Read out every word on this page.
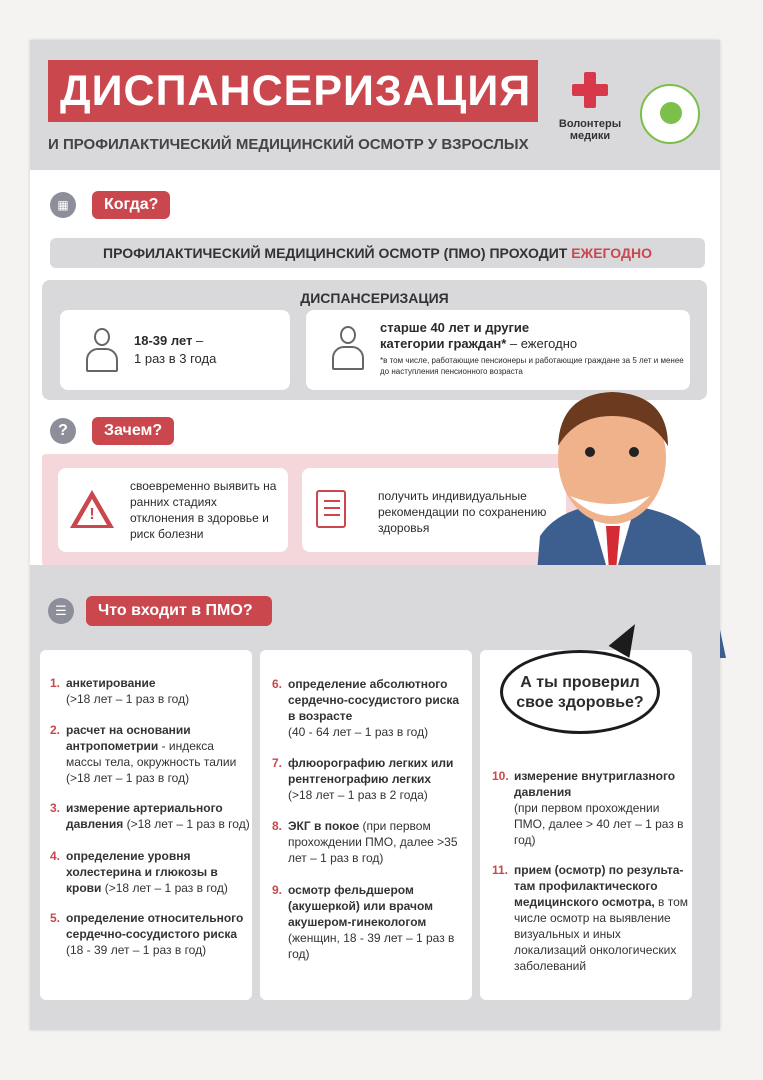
ДИСПАНСЕРИЗАЦИЯ
И ПРОФИЛАКТИЧЕСКИЙ МЕДИЦИНСКИЙ ОСМОТР У ВЗРОСЛЫХ
Волонтеры медики
▦	Когда?
ПРОФИЛАКТИЧЕСКИЙ МЕДИЦИНСКИЙ ОСМОТР (ПМО) ПРОХОДИТ ЕЖЕГОДНО
ДИСПАНСЕРИЗАЦИЯ
18-39 лет –
1 раз в 3 года
старше 40 лет и другие
категории граждан* – ежегодно
*в том числе, работающие пенсионеры и работающие граждане за 5 лет и менее до наступления пенсионного возраста
?	Зачем?
!
своевременно выявить на ранних стадиях отклонения в здоровье и риск болезни
получить индивидуальные рекомендации по сохранению здоровья
☰	Что входит в ПМО?
А ты проверил свое здоровье?
1. анкетирование
(>18 лет – 1 раз в год)
2. расчет на основании антропометрии - индекса массы тела, окружность талии (>18 лет – 1 раз в год)
3. измерение артериального давления (>18 лет – 1 раз в год)
4. определение уровня холестерина и глюкозы в крови (>18 лет – 1 раз в год)
5. определение относительного сердечно-сосудистого риска
(18 - 39 лет – 1 раз в год)
6. определение абсолютного сердечно-сосудистого риска в возрасте
(40 - 64 лет – 1 раз в год)
7. флюорографию легких или рентгенографию легких
(>18 лет – 1 раз в 2 года)
8. ЭКГ в покое (при первом прохождении ПМО, далее >35 лет – 1 раз в год)
9. осмотр фельдшером (акушеркой) или врачом акушером-гинекологом
(женщин, 18 - 39 лет – 1 раз в год)
10. измерение внутриглазного давления
(при первом прохождении ПМО, далее > 40 лет – 1 раз в год)
11. прием (осмотр) по результа-там профилактического медицинского осмотра, в том числе осмотр на выявление визуальных и иных локализаций онкологических заболеваний
